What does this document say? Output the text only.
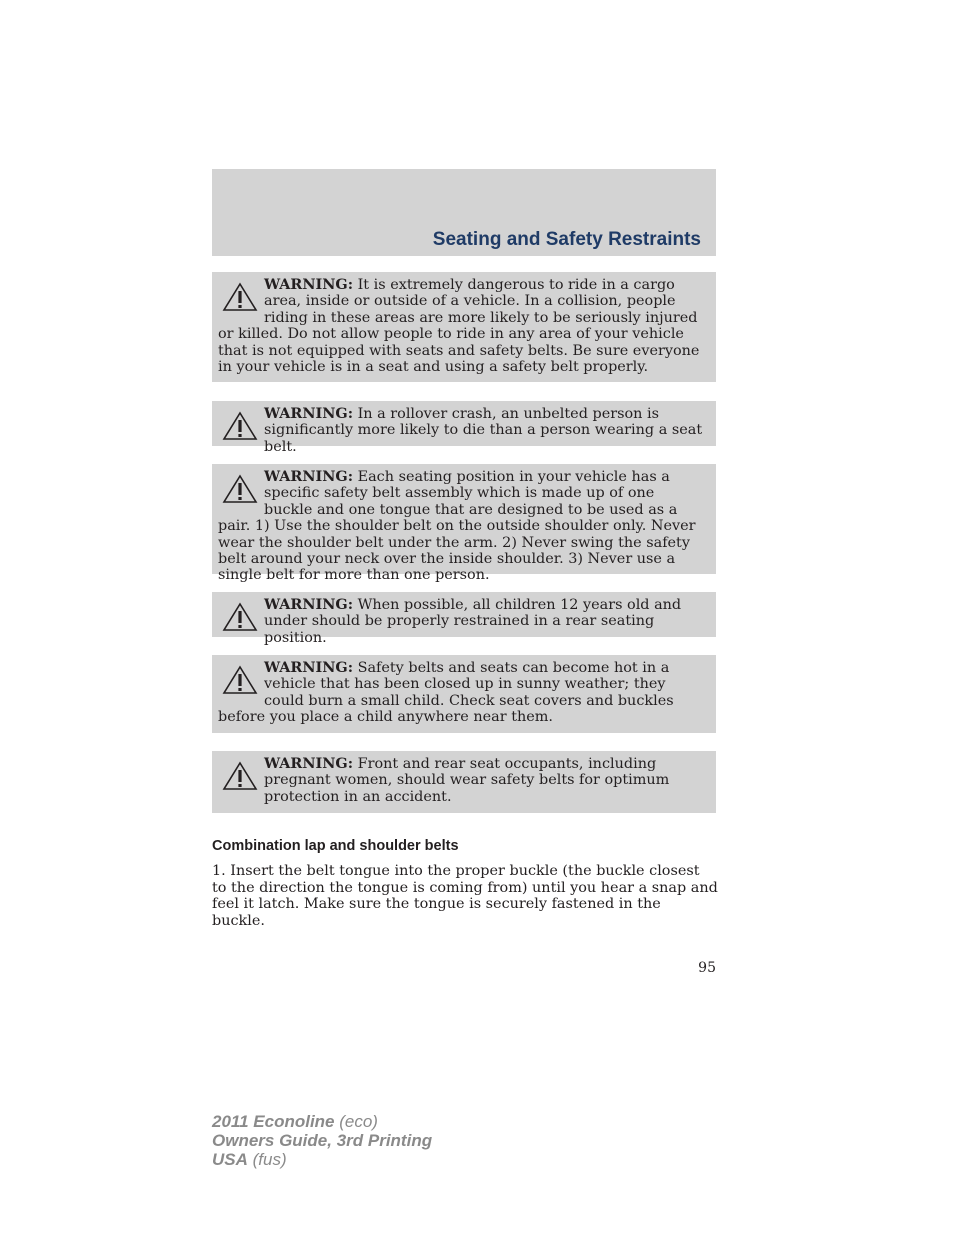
Seating and Safety Restraints
WARNING: It is extremely dangerous to ride in a cargo area, inside or outside of a vehicle. In a collision, people riding in these areas are more likely to be seriously injured or killed. Do not allow people to ride in any area of your vehicle that is not equipped with seats and safety belts. Be sure everyone in your vehicle is in a seat and using a safety belt properly.
WARNING: In a rollover crash, an unbelted person is significantly more likely to die than a person wearing a seat belt.
WARNING: Each seating position in your vehicle has a specific safety belt assembly which is made up of one buckle and one tongue that are designed to be used as a pair. 1) Use the shoulder belt on the outside shoulder only. Never wear the shoulder belt under the arm. 2) Never swing the safety belt around your neck over the inside shoulder. 3) Never use a single belt for more than one person.
WARNING: When possible, all children 12 years old and under should be properly restrained in a rear seating position.
WARNING: Safety belts and seats can become hot in a vehicle that has been closed up in sunny weather; they could burn a small child. Check seat covers and buckles before you place a child anywhere near them.
WARNING: Front and rear seat occupants, including pregnant women, should wear safety belts for optimum protection in an accident.
Combination lap and shoulder belts
1. Insert the belt tongue into the proper buckle (the buckle closest to the direction the tongue is coming from) until you hear a snap and feel it latch. Make sure the tongue is securely fastened in the buckle.
95
2011 Econoline (eco)
Owners Guide, 3rd Printing
USA (fus)
